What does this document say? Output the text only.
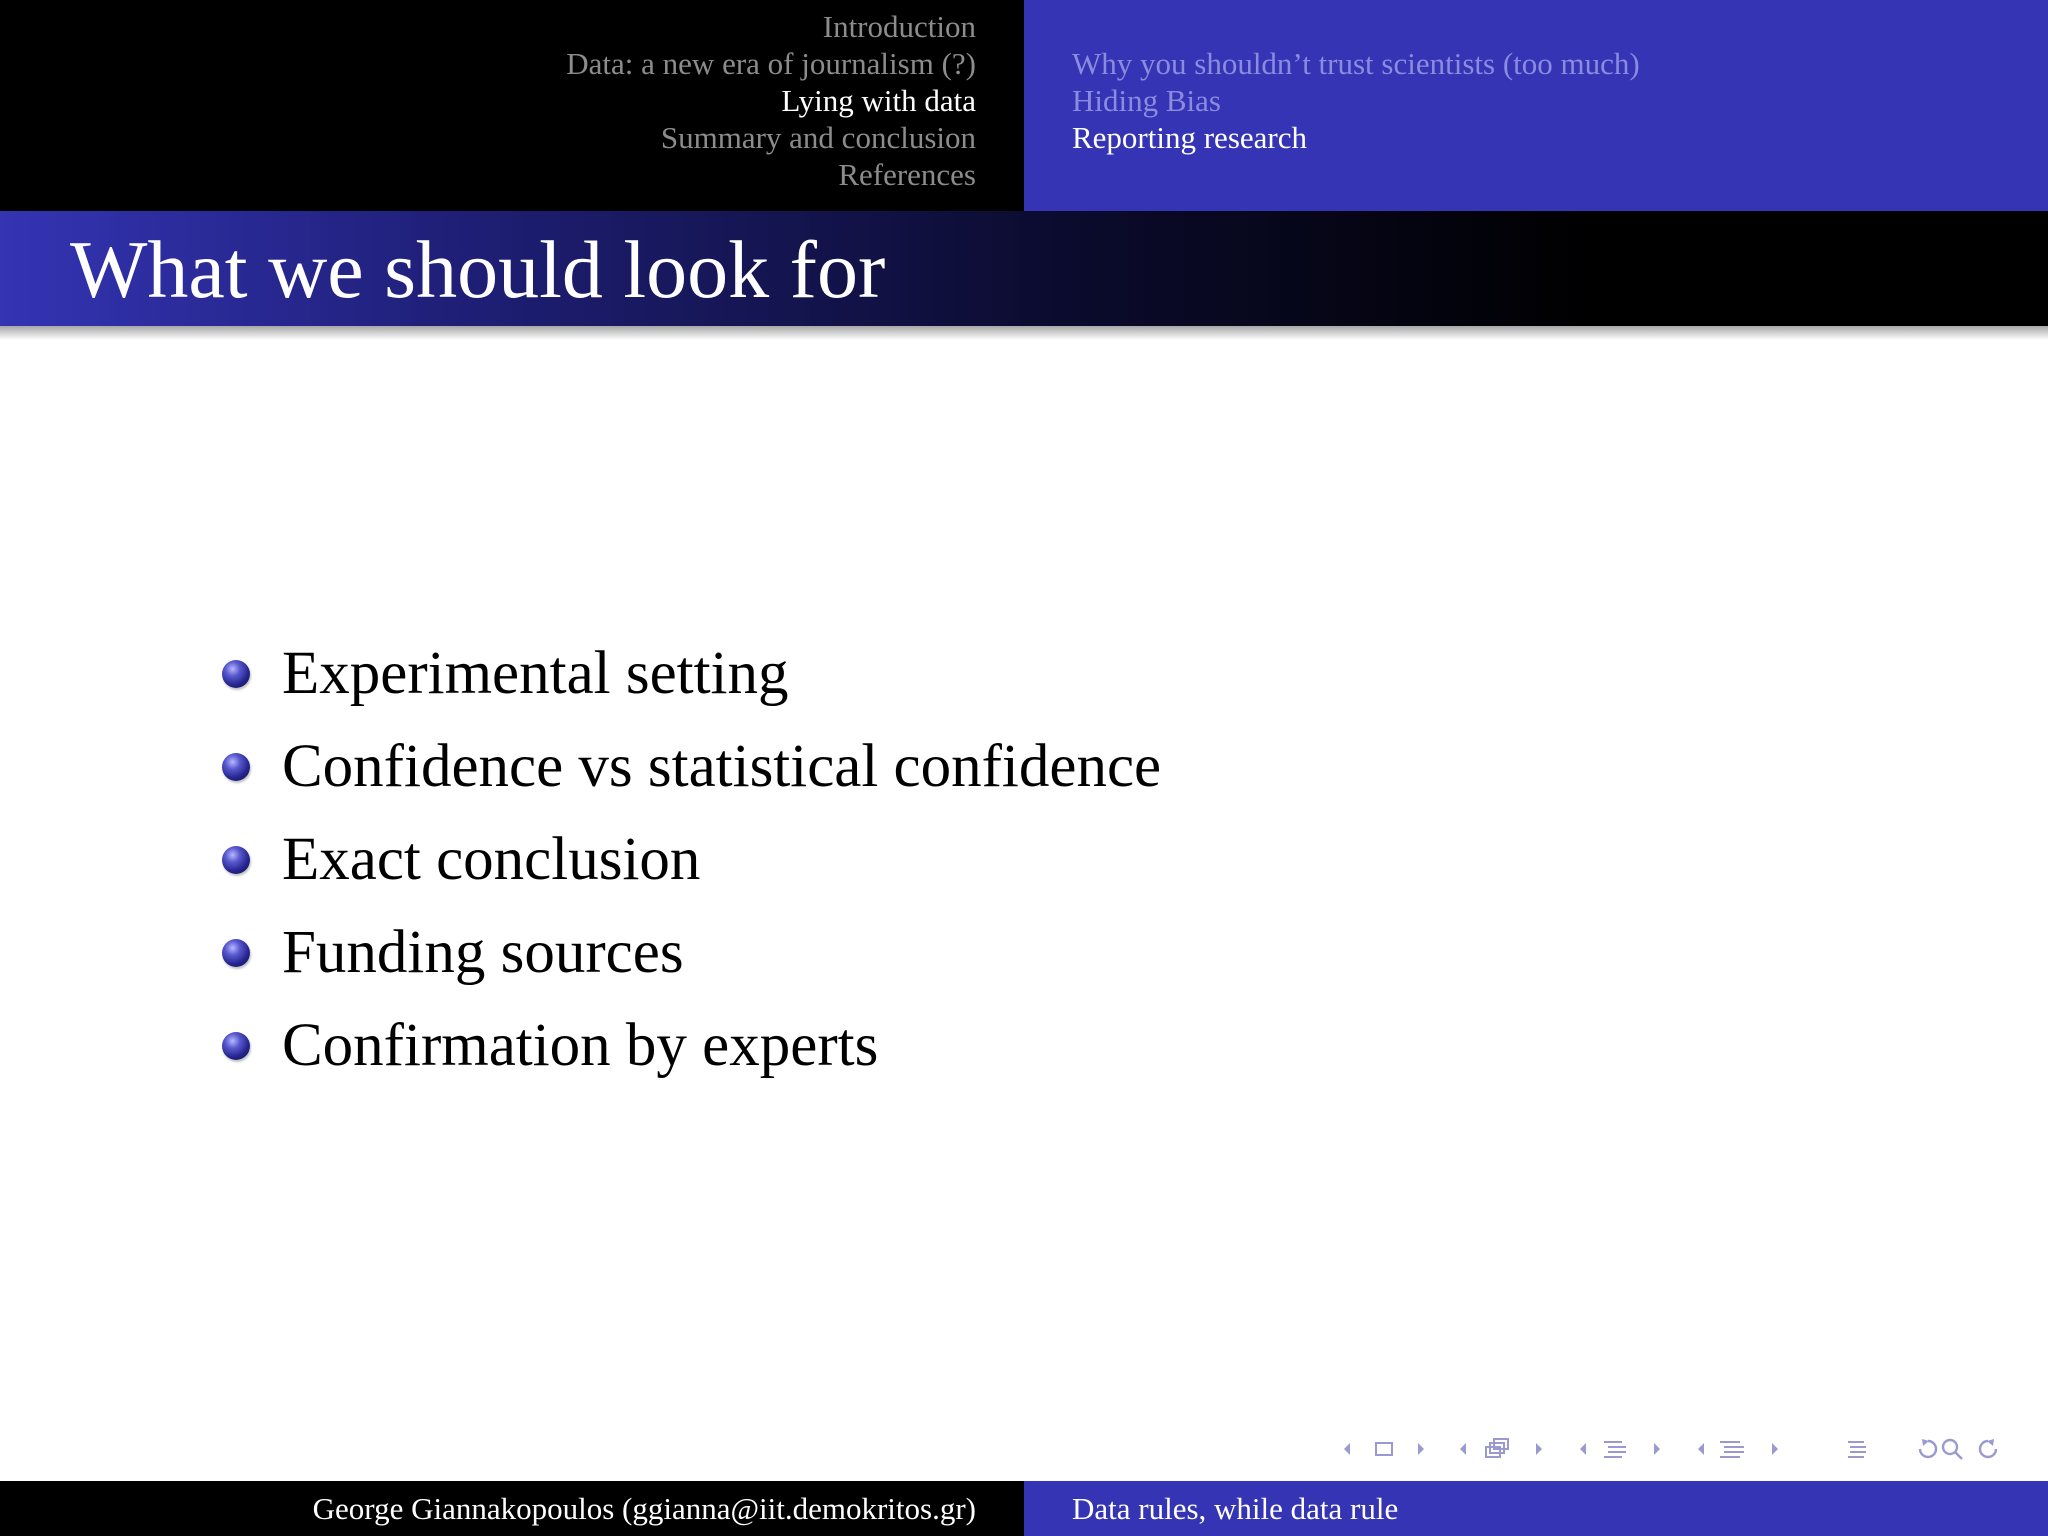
Introduction
Data: a new era of journalism (?)
Lying with data
Summary and conclusion
References
Why you shouldn’t trust scientists (too much)
Hiding Bias
Reporting research
What we should look for
Experimental setting
Confidence vs statistical confidence
Exact conclusion
Funding sources
Confirmation by experts
George Giannakopoulos (ggianna@iit.demokritos.gr)	Data rules, while data rule
